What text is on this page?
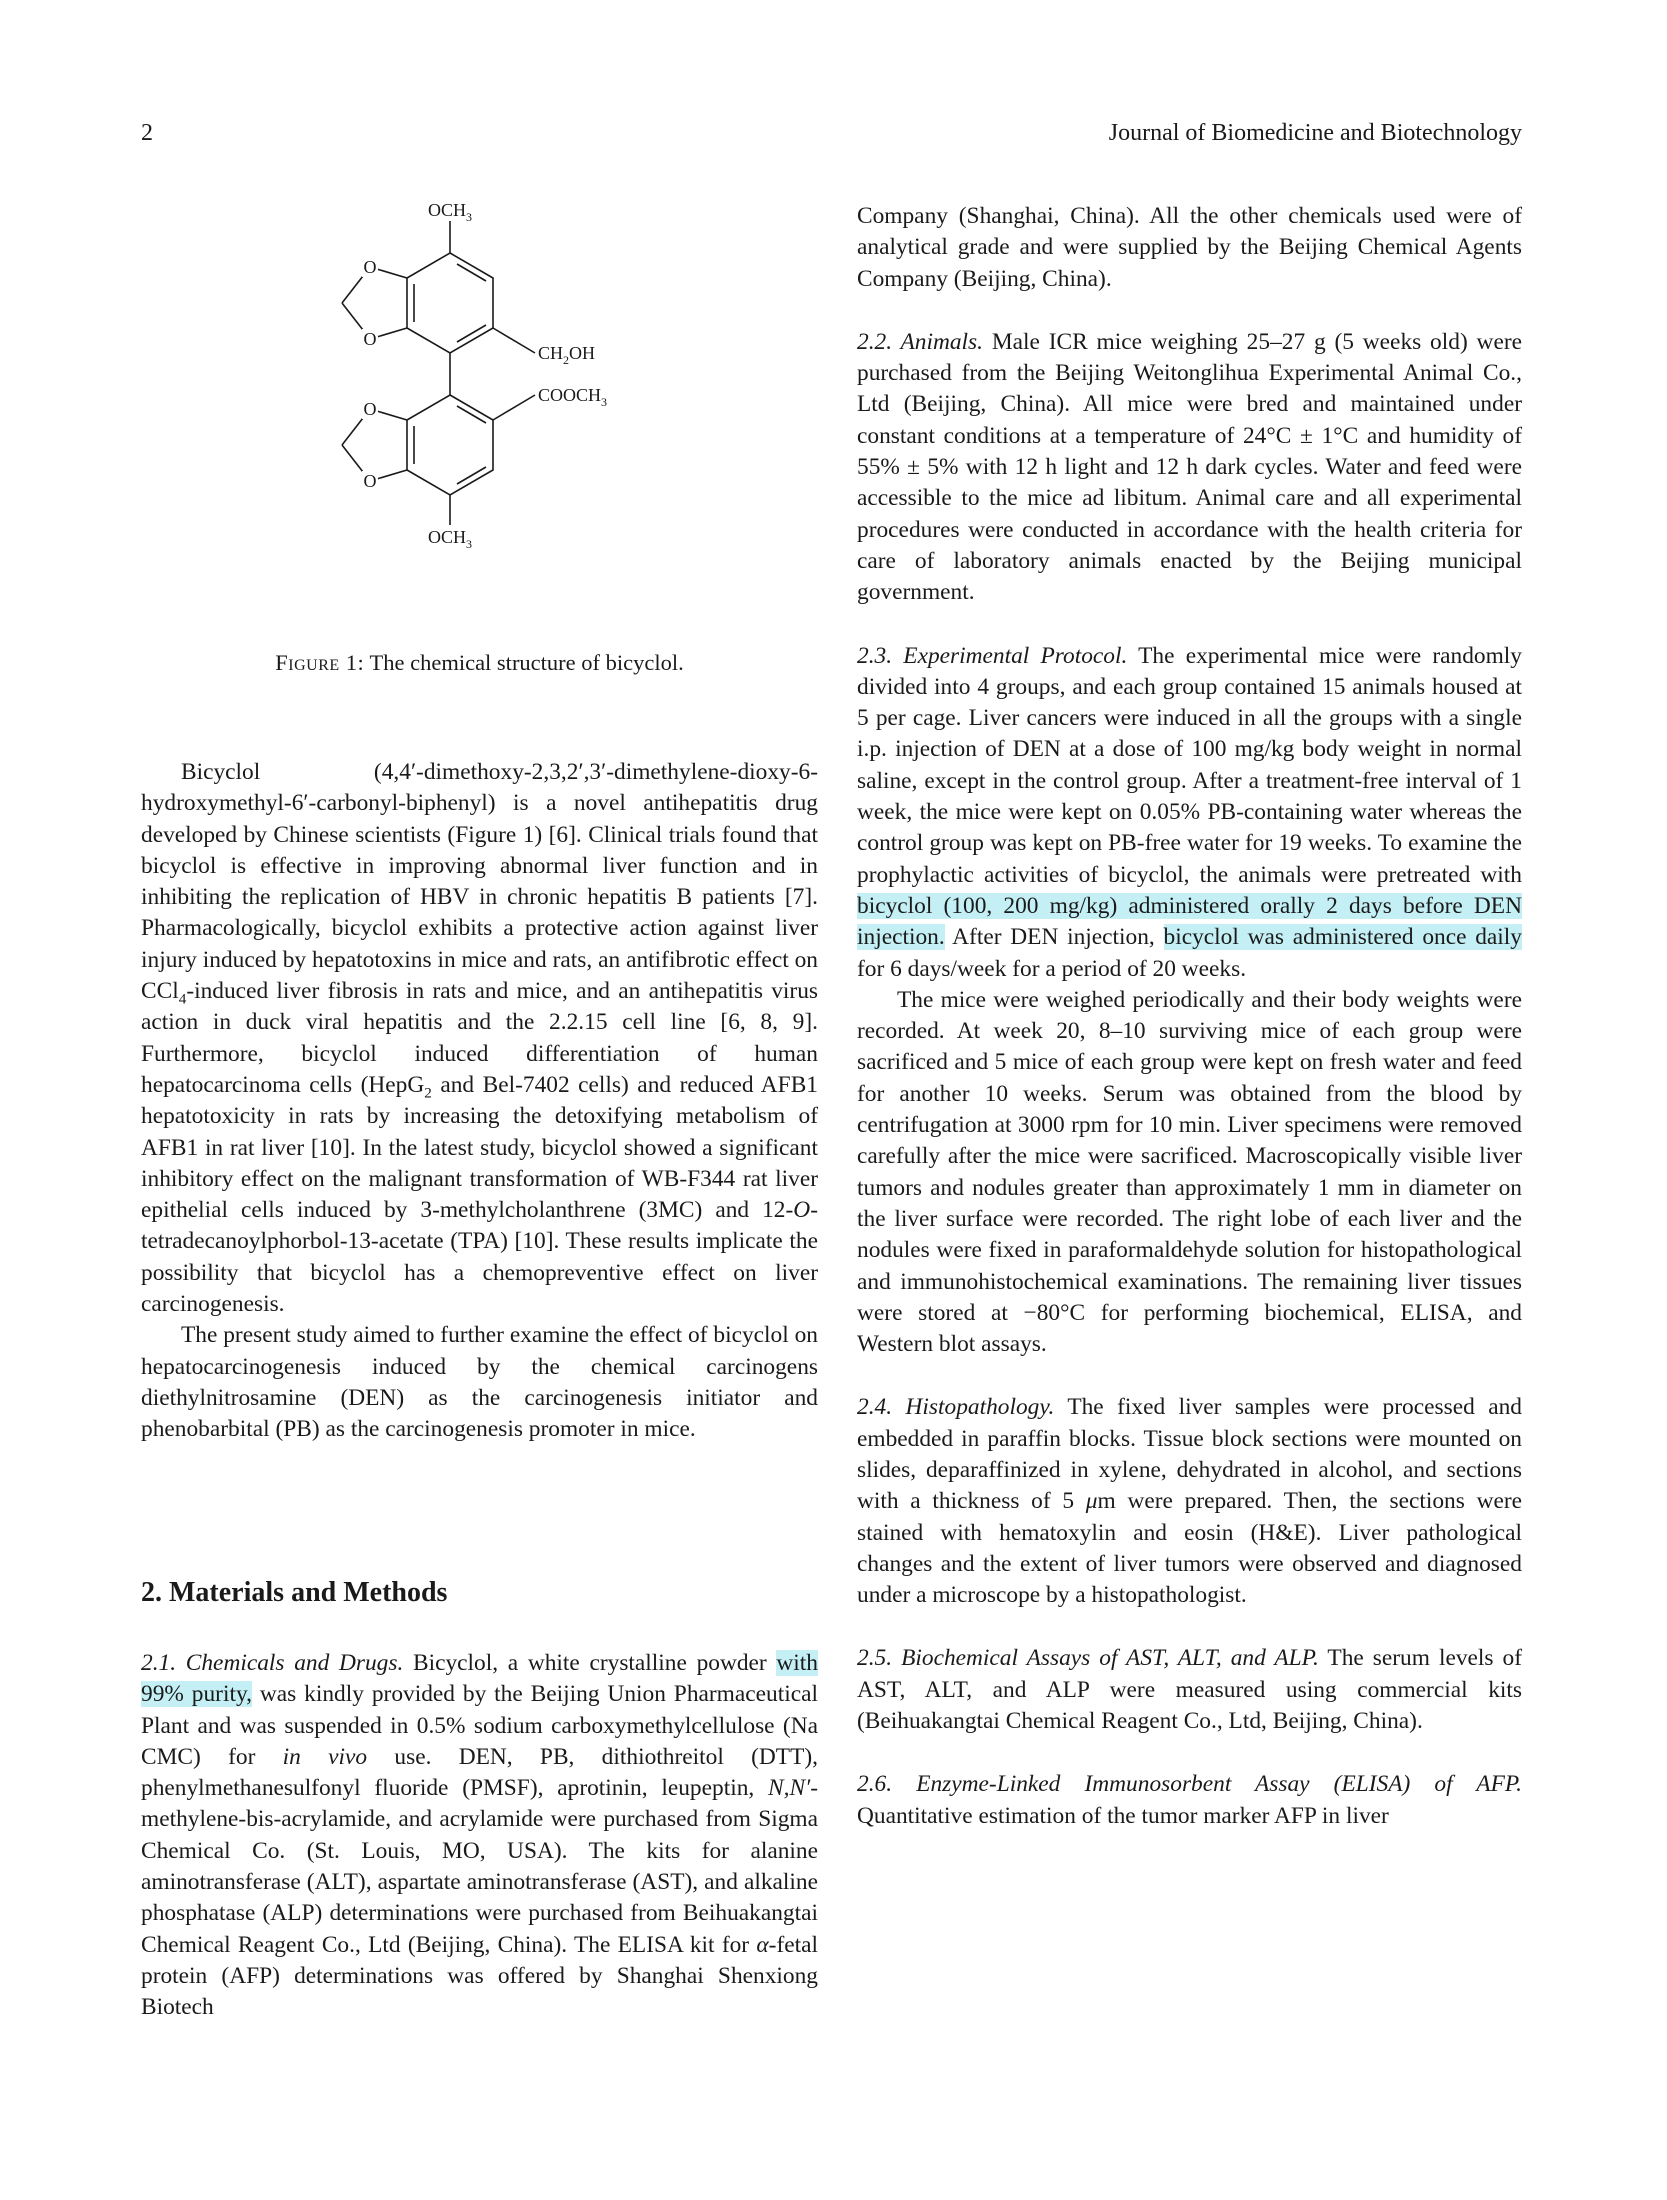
2	Journal of Biomedicine and Biotechnology
O
O
O
O
$OCH_3$
$CH_2OH$
$COOCH_3$
$OCH_3$
Figure 1: The chemical structure of bicyclol.

Bicyclol (4,4′-dimethoxy-2,3,2′,3′-dimethylene-dioxy-6-hydroxymethyl-6′-carbonyl-biphenyl) is a novel antihepatitis drug developed by Chinese scientists (Figure 1) [6]. Clinical trials found that bicyclol is effective in improving abnormal liver function and in inhibiting the replication of HBV in chronic hepatitis B patients [7]. Pharmacologically, bicyclol exhibits a protective action against liver injury induced by hepatotoxins in mice and rats, an antifibrotic effect on CCl$_4$-induced liver fibrosis in rats and mice, and an antihepatitis virus action in duck viral hepatitis and the 2.2.15 cell line [6, 8, 9]. Furthermore, bicyclol induced differentiation of human hepatocarcinoma cells (HepG$_2$ and Bel-7402 cells) and reduced AFB1 hepatotoxicity in rats by increasing the detoxifying metabolism of AFB1 in rat liver [10]. In the latest study, bicyclol showed a significant inhibitory effect on the malignant transformation of WB-F344 rat liver epithelial cells induced by 3-methylcholanthrene (3MC) and 12-O-tetradecanoylphorbol-13-acetate (TPA) [10]. These results implicate the possibility that bicyclol has a chemopreventive effect on liver carcinogenesis.

The present study aimed to further examine the effect of bicyclol on hepatocarcinogenesis induced by the chemical carcinogens diethylnitrosamine (DEN) as the carcinogenesis initiator and phenobarbital (PB) as the carcinogenesis promoter in mice.

2. Materials and Methods

2.1. Chemicals and Drugs. Bicyclol, a white crystalline powder with 99% purity, was kindly provided by the Beijing Union Pharmaceutical Plant and was suspended in 0.5% sodium carboxymethylcellulose (Na CMC) for in vivo use. DEN, PB, dithiothreitol (DTT), phenylmethanesulfonyl fluoride (PMSF), aprotinin, leupeptin, N,N′-methylene-bis-acrylamide, and acrylamide were purchased from Sigma Chemical Co. (St. Louis, MO, USA). The kits for alanine aminotransferase (ALT), aspartate aminotransferase (AST), and alkaline phosphatase (ALP) determinations were purchased from Beihuakangtai Chemical Reagent Co., Ltd (Beijing, China). The ELISA kit for α-fetal protein (AFP) determinations was offered by Shanghai Shenxiong Biotech

Company (Shanghai, China). All the other chemicals used were of analytical grade and were supplied by the Beijing Chemical Agents Company (Beijing, China).

2.2. Animals. Male ICR mice weighing 25–27 g (5 weeks old) were purchased from the Beijing Weitonglihua Experimental Animal Co., Ltd (Beijing, China). All mice were bred and maintained under constant conditions at a temperature of 24°C ± 1°C and humidity of 55% ± 5% with 12 h light and 12 h dark cycles. Water and feed were accessible to the mice ad libitum. Animal care and all experimental procedures were conducted in accordance with the health criteria for care of laboratory animals enacted by the Beijing municipal government.

2.3. Experimental Protocol. The experimental mice were randomly divided into 4 groups, and each group contained 15 animals housed at 5 per cage. Liver cancers were induced in all the groups with a single i.p. injection of DEN at a dose of 100 mg/kg body weight in normal saline, except in the control group. After a treatment-free interval of 1 week, the mice were kept on 0.05% PB-containing water whereas the control group was kept on PB-free water for 19 weeks. To examine the prophylactic activities of bicyclol, the animals were pretreated with bicyclol (100, 200 mg/kg) administered orally 2 days before DEN injection. After DEN injection, bicyclol was administered once daily for 6 days/week for a period of 20 weeks.

The mice were weighed periodically and their body weights were recorded. At week 20, 8–10 surviving mice of each group were sacrificed and 5 mice of each group were kept on fresh water and feed for another 10 weeks. Serum was obtained from the blood by centrifugation at 3000 rpm for 10 min. Liver specimens were removed carefully after the mice were sacrificed. Macroscopically visible liver tumors and nodules greater than approximately 1 mm in diameter on the liver surface were recorded. The right lobe of each liver and the nodules were fixed in paraformaldehyde solution for histopathological and immunohistochemical examinations. The remaining liver tissues were stored at −80°C for performing biochemical, ELISA, and Western blot assays.

2.4. Histopathology. The fixed liver samples were processed and embedded in paraffin blocks. Tissue block sections were mounted on slides, deparaffinized in xylene, dehydrated in alcohol, and sections with a thickness of 5 μm were prepared. Then, the sections were stained with hematoxylin and eosin (H&E). Liver pathological changes and the extent of liver tumors were observed and diagnosed under a microscope by a histopathologist.

2.5. Biochemical Assays of AST, ALT, and ALP. The serum levels of AST, ALT, and ALP were measured using commercial kits (Beihuakangtai Chemical Reagent Co., Ltd, Beijing, China).

2.6. Enzyme-Linked Immunosorbent Assay (ELISA) of AFP. Quantitative estimation of the tumor marker AFP in liver
